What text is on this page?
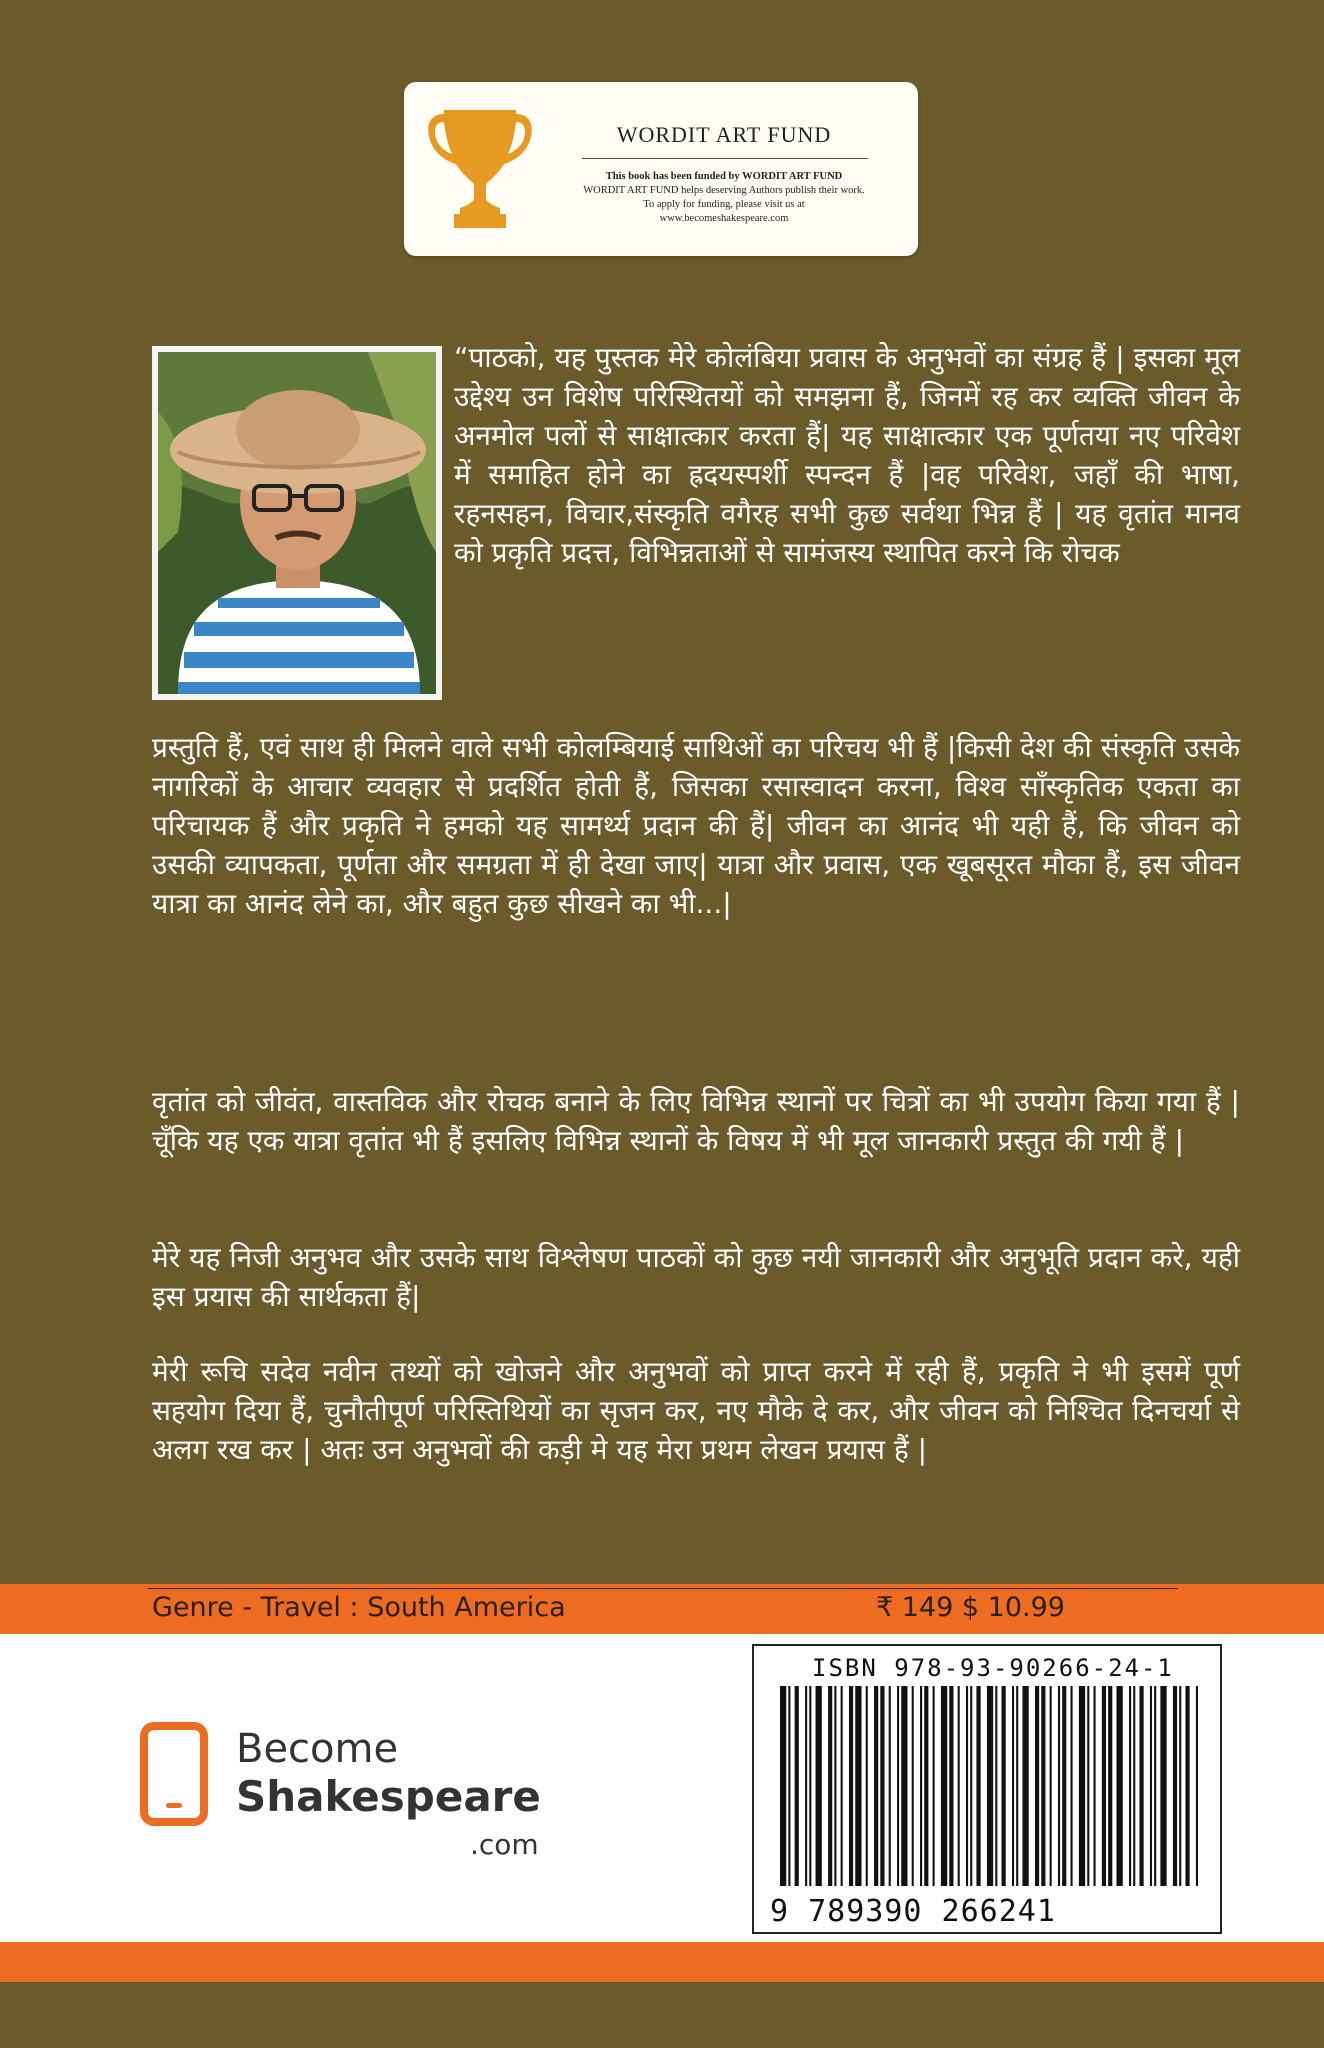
WORDIT ART FUND
This book has been funded by WORDIT ART FUND
WORDIT ART FUND helps deserving Authors publish their work.
To apply for funding, please visit us at
www.becomeshakespeare.com

“पाठको, यह पुस्तक मेरे कोलंबिया प्रवास के अनुभवों का संग्रह हैं | इसका मूल उद्देश्य उन विशेष परिस्थितयों को समझना हैं, जिनमें रह कर व्यक्ति जीवन के अनमोल पलों से साक्षात्कार करता हैं| यह साक्षात्कार एक पूर्णतया नए परिवेश में समाहित होने का ह्रदयस्पर्शी स्पन्दन हैं |वह परिवेश, जहाँ की भाषा, रहनसहन, विचार,संस्कृति वगैरह सभी कुछ सर्वथा भिन्न हैं | यह वृतांत मानव को प्रकृति प्रदत्त, विभिन्नताओं से सामंजस्य स्थापित करने कि रोचक

प्रस्तुति हैं, एवं साथ ही मिलने वाले सभी कोलम्बियाई साथिओं का परिचय भी हैं |किसी देश की संस्कृति उसके नागरिकों के आचार व्यवहार से प्रदर्शित होती हैं, जिसका रसास्वादन करना, विश्व साँस्कृतिक एकता का परिचायक हैं और प्रकृति ने हमको यह सामर्थ्य प्रदान की हैं| जीवन का आनंद भी यही हैं, कि जीवन को उसकी व्यापकता, पूर्णता और समग्रता में ही देखा जाए| यात्रा और प्रवास, एक खूबसूरत मौका हैं, इस जीवन यात्रा का आनंद लेने का, और बहुत कुछ सीखने का भी...|

वृतांत को जीवंत, वास्तविक और रोचक बनाने के लिए विभिन्न स्थानों पर चित्रों का भी उपयोग किया गया हैं | चूँकि यह एक यात्रा वृतांत भी हैं इसलिए विभिन्न स्थानों के विषय में भी मूल जानकारी प्रस्तुत की गयी हैं |

मेरे यह निजी अनुभव और उसके साथ विश्लेषण पाठकों को कुछ नयी जानकारी और अनुभूति प्रदान करे, यही इस प्रयास की सार्थकता हैं|

मेरी रूचि सदेव नवीन तथ्यों को खोजने और अनुभवों को प्राप्त करने में रही हैं, प्रकृति ने भी इसमें पूर्ण सहयोग दिया हैं, चुनौतीपूर्ण परिस्तिथियों का सृजन कर, नए मौके दे कर, और जीवन को निश्चित दिनचर्या से अलग रख कर | अतः उन अनुभवों की कड़ी मे यह मेरा प्रथम लेखन प्रयास हैं |

Genre - Travel : South America	₹ 149 $ 10.99
Become
Shakespeare
.com
ISBN 978-93-90266-24-1
9 789390 266241
